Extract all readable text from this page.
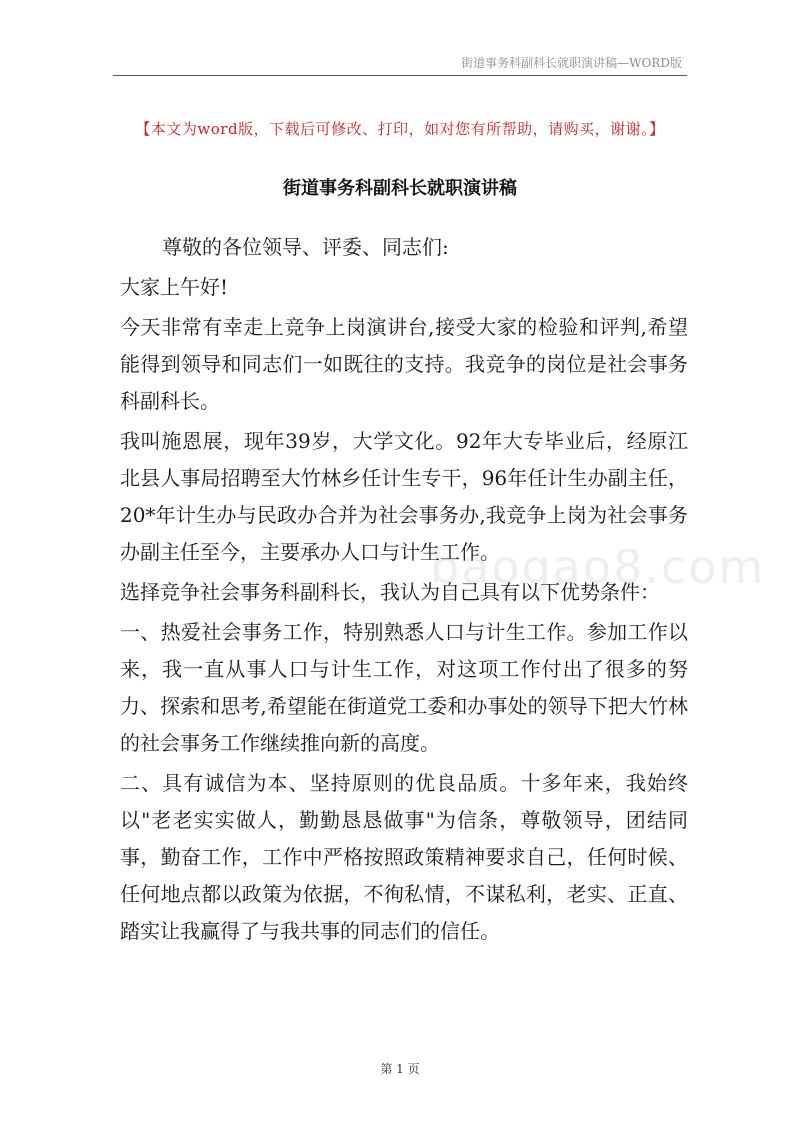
街道事务科副科长就职演讲稿—WORD版
【本文为word版，下载后可修改、打印，如对您有所帮助，请购买，谢谢。】
街道事务科副科长就职演讲稿

尊敬的各位领导、评委、同志们:

大家上午好!

今天非常有幸走上竞争上岗演讲台,接受大家的检验和评判,希望能得到领导和同志们一如既往的支持。我竞争的岗位是社会事务科副科长。

我叫施恩展，现年39岁，大学文化。92年大专毕业后，经原江北县人事局招聘至大竹林乡任计生专干，96年任计生办副主任，20*年计生办与民政办合并为社会事务办,我竞争上岗为社会事务办副主任至今，主要承办人口与计生工作。

选择竞争社会事务科副科长，我认为自己具有以下优势条件：

一、热爱社会事务工作，特别熟悉人口与计生工作。参加工作以来，我一直从事人口与计生工作，对这项工作付出了很多的努力、探索和思考,希望能在街道党工委和办事处的领导下把大竹林的社会事务工作继续推向新的高度。

二、具有诚信为本、坚持原则的优良品质。十多年来，我始终以"老老实实做人，勤勤恳恳做事"为信条，尊敬领导，团结同事，勤奋工作，工作中严格按照政策精神要求自己，任何时候、任何地点都以政策为依据，不徇私情，不谋私利，老实、正直、踏实让我赢得了与我共事的同志们的信任。

baogao8.com
第 1 页
